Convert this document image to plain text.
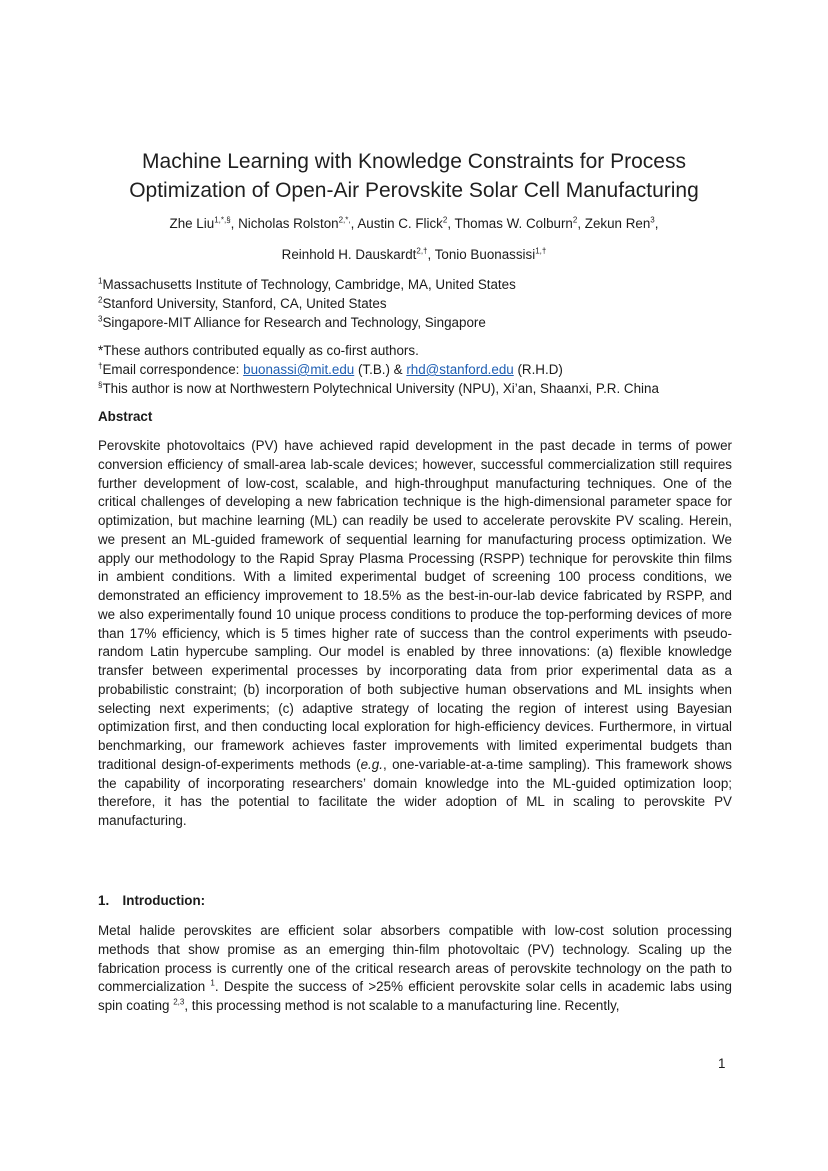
Machine Learning with Knowledge Constraints for Process
Optimization of Open-Air Perovskite Solar Cell Manufacturing
Zhe Liu$^{1,*,\S}$, Nicholas Rolston$^{2,*,}$, Austin C. Flick$^2$, Thomas W. Colburn$^2$, Zekun Ren$^3$,
Reinhold H. Dauskardt$^{2,\dagger}$, Tonio Buonassisi$^{1,\dagger}$
$^1$Massachusetts Institute of Technology, Cambridge, MA, United States
$^2$Stanford University, Stanford, CA, United States
$^3$Singapore-MIT Alliance for Research and Technology, Singapore
*These authors contributed equally as co-first authors.
†Email correspondence: buonassi@mit.edu (T.B.) & rhd@stanford.edu (R.H.D)
§This author is now at Northwestern Polytechnical University (NPU), Xi’an, Shaanxi, P.R. China
Abstract
Perovskite photovoltaics (PV) have achieved rapid development in the past decade in terms of power conversion efficiency of small-area lab-scale devices; however, successful commercialization still requires further development of low-cost, scalable, and high-throughput manufacturing techniques. One of the critical challenges of developing a new fabrication technique is the high-dimensional parameter space for optimization, but machine learning (ML) can readily be used to accelerate perovskite PV scaling. Herein, we present an ML-guided framework of sequential learning for manufacturing process optimization. We apply our methodology to the Rapid Spray Plasma Processing (RSPP) technique for perovskite thin films in ambient conditions. With a limited experimental budget of screening 100 process conditions, we demonstrated an efficiency improvement to 18.5% as the best-in-our-lab device fabricated by RSPP, and we also experimentally found 10 unique process conditions to produce the top-performing devices of more than 17% efficiency, which is 5 times higher rate of success than the control experiments with pseudo-random Latin hypercube sampling. Our model is enabled by three innovations: (a) flexible knowledge transfer between experimental processes by incorporating data from prior experimental data as a probabilistic constraint; (b) incorporation of both subjective human observations and ML insights when selecting next experiments; (c) adaptive strategy of locating the region of interest using Bayesian optimization first, and then conducting local exploration for high-efficiency devices. Furthermore, in virtual benchmarking, our framework achieves faster improvements with limited experimental budgets than traditional design-of-experiments methods (e.g., one-variable-at-a-time sampling). This framework shows the capability of incorporating researchers’ domain knowledge into the ML-guided optimization loop; therefore, it has the potential to facilitate the wider adoption of ML in scaling to perovskite PV manufacturing.
1. Introduction:
Metal halide perovskites are efficient solar absorbers compatible with low-cost solution processing methods that show promise as an emerging thin-film photovoltaic (PV) technology. Scaling up the fabrication process is currently one of the critical research areas of perovskite technology on the path to commercialization $^1$. Despite the success of >25% efficient perovskite solar cells in academic labs using spin coating $^{2,3}$, this processing method is not scalable to a manufacturing line. Recently,
1
